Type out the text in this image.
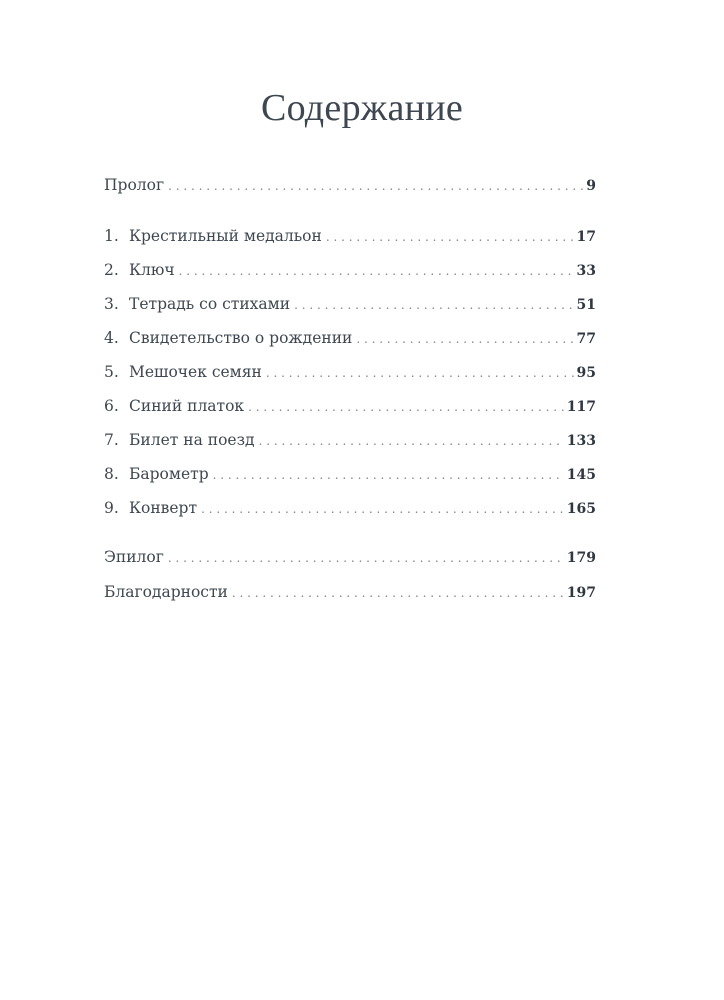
Содержание
Пролог . . .	9
1. Крестильный медальон . . .	17
2. Ключ . . .	33
3. Тетрадь со стихами . . .	51
4. Свидетельство о рождении . . .	77
5. Мешочек семян . . .	95
6. Синий платок . . .	117
7. Билет на поезд . . .	133
8. Барометр . . .	145
9. Конверт . . .	165
Эпилог . . .	179
Благодарности . . .	197
